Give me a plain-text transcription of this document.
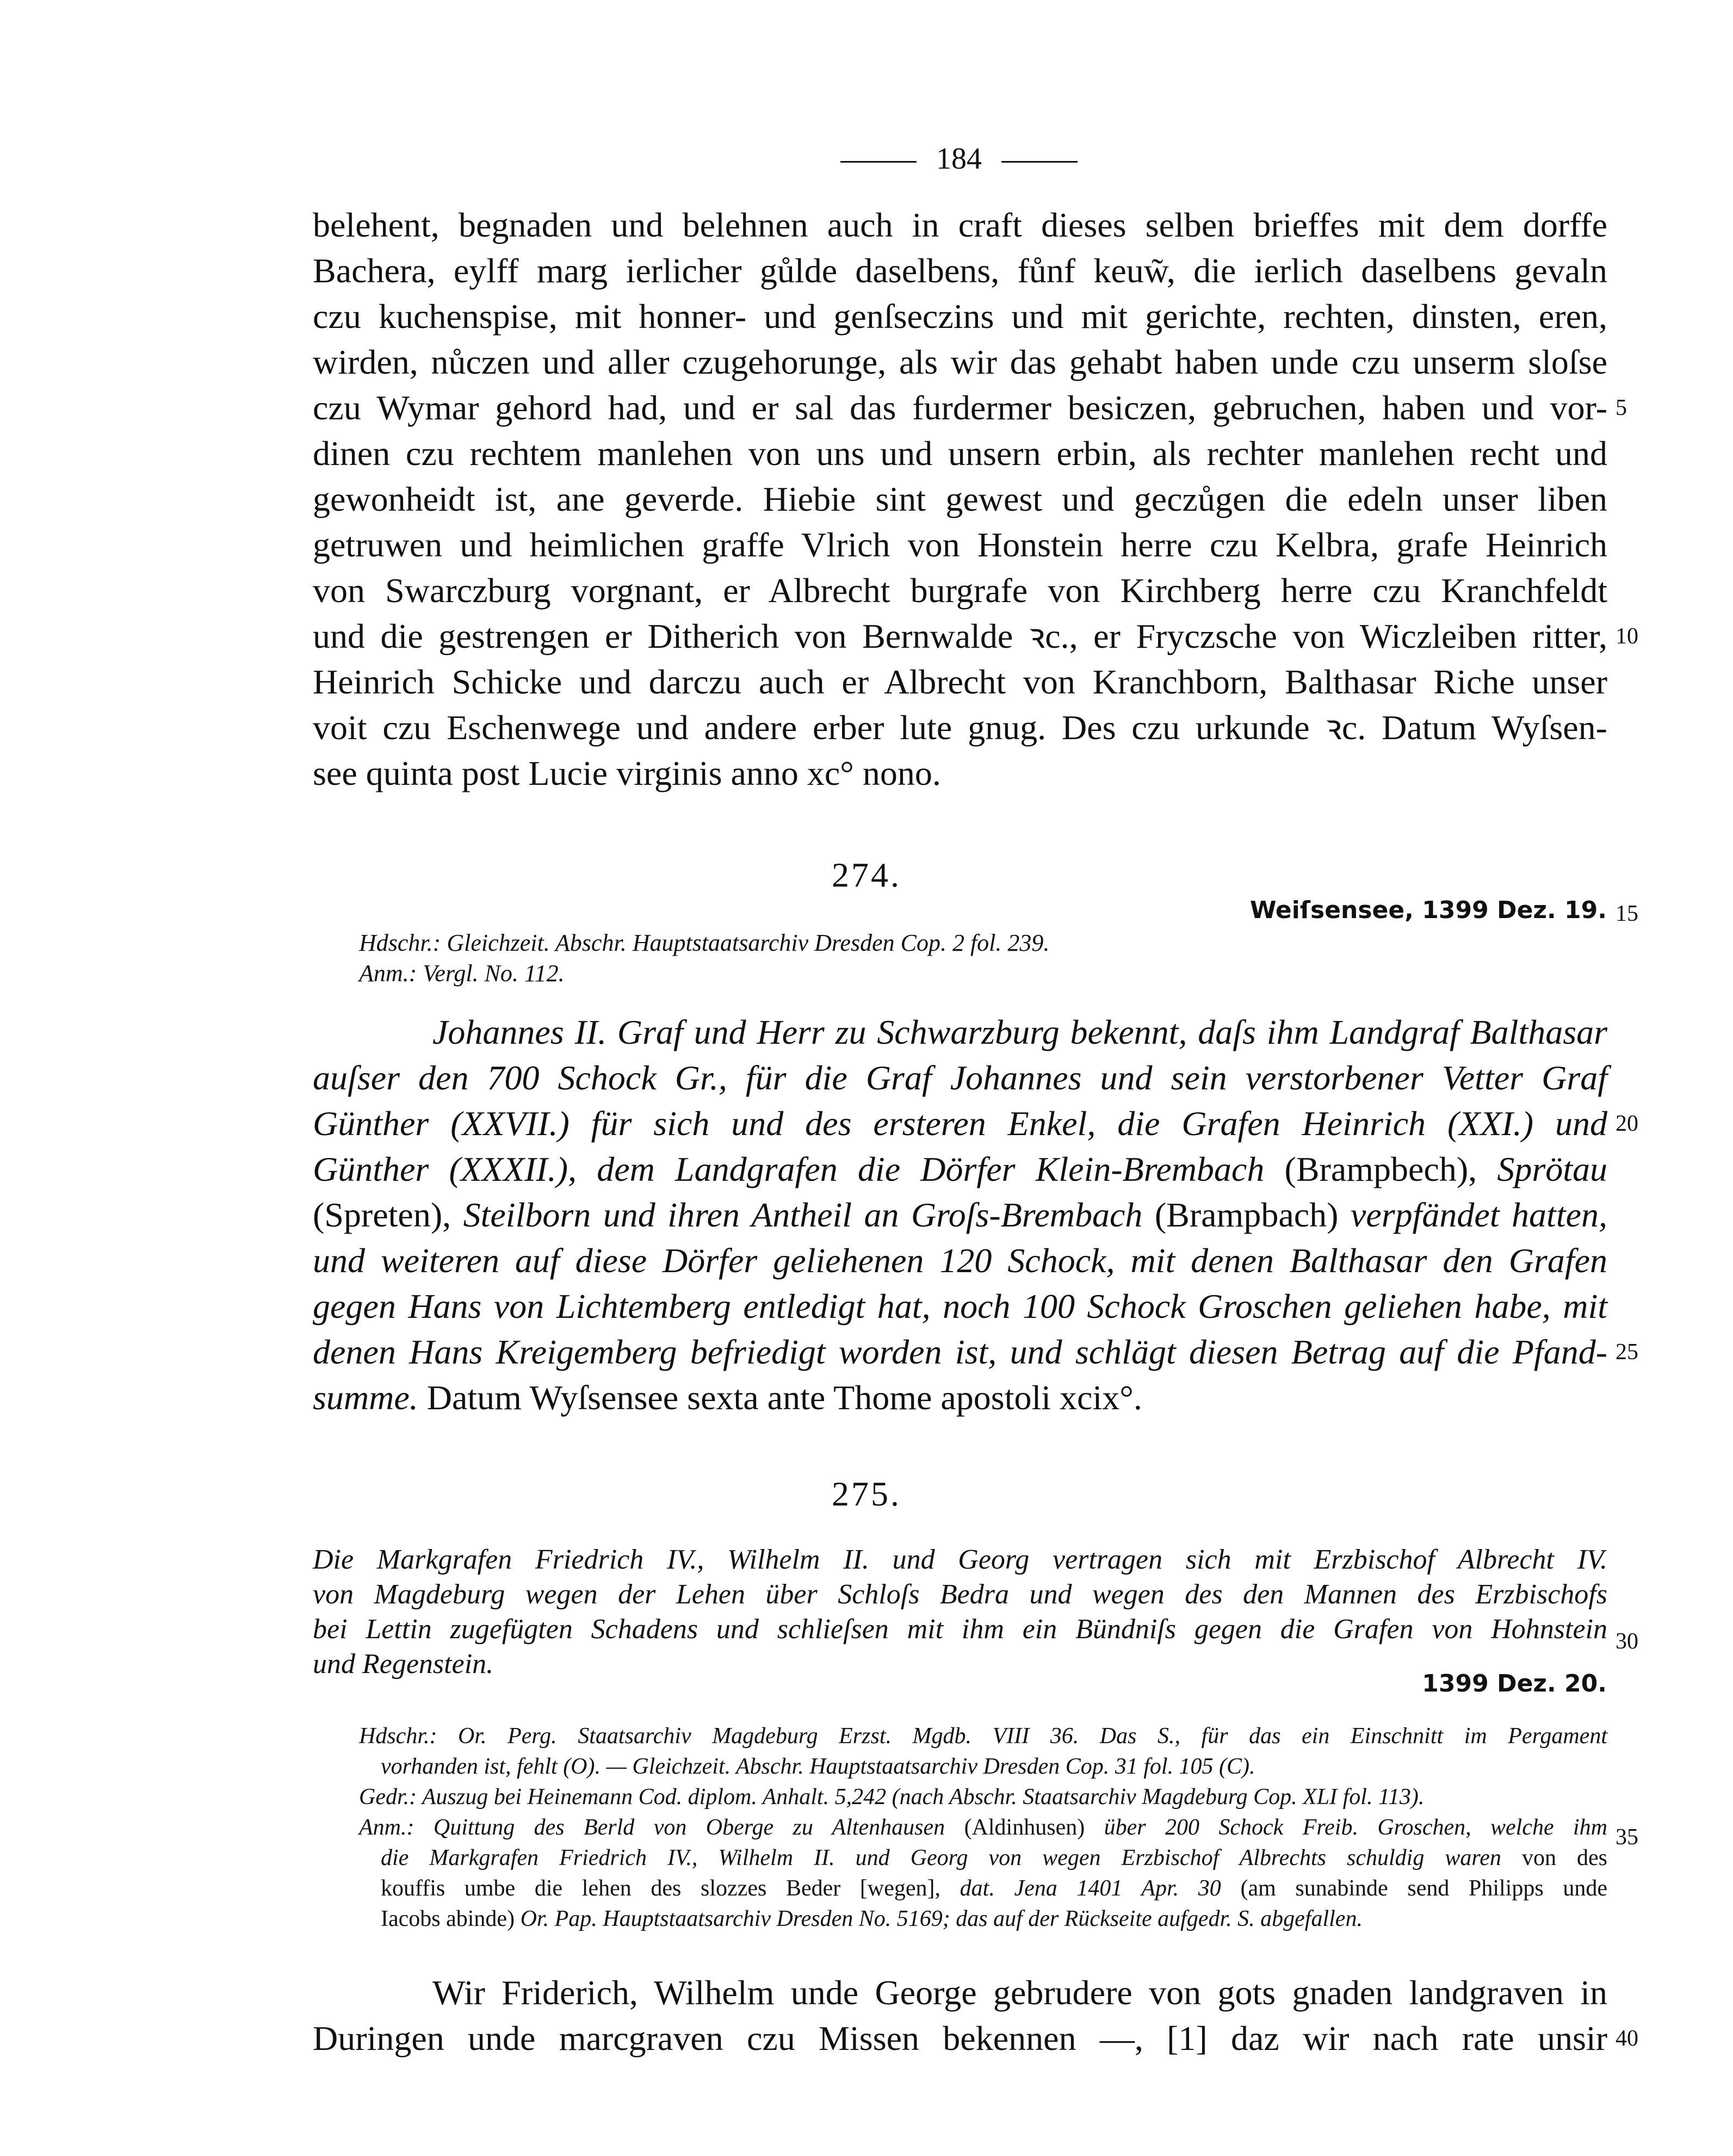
184
belehent, begnaden und belehnen auch in craft dieses selben brieffes mit dem dorffe
Bachera, eylff marg ierlicher gůlde daselbens, fůnf keuw̃, die ierlich daselbens gevaln
czu kuchenspise, mit honner- und genſseczins und mit gerichte, rechten, dinsten, eren,
wirden, nůczen und aller czugehorunge, als wir das gehabt haben unde czu unserm sloſse
czu Wymar gehord had, und er sal das furdermer besiczen, gebruchen, haben und vor-
dinen czu rechtem manlehen von uns und unsern erbin, als rechter manlehen recht und
gewonheidt ist, ane geverde. Hiebie sint gewest und geczůgen die edeln unser liben
getruwen und heimlichen graffe Vlrich von Honstein herre czu Kelbra, grafe Heinrich
von Swarczburg vorgnant, er Albrecht burgrafe von Kirchberg herre czu Kranchfeldt
und die gestrengen er Ditherich von Bernwalde ꝛc., er Fryczsche von Wiczleiben ritter,
Heinrich Schicke und darczu auch er Albrecht von Kranchborn, Balthasar Riche unser
voit czu Eschenwege und andere erber lute gnug. Des czu urkunde ꝛc. Datum Wyſsen-
see quinta post Lucie virginis anno xc° nono.
5
10
274.
Weiſsensee, 1399 Dez. 19. 15
Hdschr.: Gleichzeit. Abschr. Hauptstaatsarchiv Dresden Cop. 2 fol. 239.
Anm.: Vergl. No. 112.
Johannes II. Graf und Herr zu Schwarzburg bekennt, daſs ihm Landgraf Balthasar
auſser den 700 Schock Gr., für die Graf Johannes und sein verstorbener Vetter Graf
Günther (XXVII.) für sich und des ersteren Enkel, die Grafen Heinrich (XXI.) und
Günther (XXXII.), dem Landgrafen die Dörfer Klein-Brembach (Brampbech), Sprötau
(Spreten), Steilborn und ihren Antheil an Groſs-Brembach (Brampbach) verpfändet hatten,
und weiteren auf diese Dörfer geliehenen 120 Schock, mit denen Balthasar den Grafen
gegen Hans von Lichtemberg entledigt hat, noch 100 Schock Groschen geliehen habe, mit
denen Hans Kreigemberg befriedigt worden ist, und schlägt diesen Betrag auf die Pfand-
summe. Datum Wyſsensee sexta ante Thome apostoli xcix°.
20
25
275.
Die Markgrafen Friedrich IV., Wilhelm II. und Georg vertragen sich mit Erzbischof Albrecht IV.
von Magdeburg wegen der Lehen über Schloſs Bedra und wegen des den Mannen des Erzbischofs
bei Lettin zugefügten Schadens und schlieſsen mit ihm ein Bündniſs gegen die Grafen von Hohnstein
und Regenstein.
1399 Dez. 20.
30
Hdschr.: Or. Perg. Staatsarchiv Magdeburg Erzst. Mgdb. VIII 36. Das S., für das ein Einschnitt im Pergament
vorhanden ist, fehlt (O). — Gleichzeit. Abschr. Hauptstaatsarchiv Dresden Cop. 31 fol. 105 (C).
Gedr.: Auszug bei Heinemann Cod. diplom. Anhalt. 5,242 (nach Abschr. Staatsarchiv Magdeburg Cop. XLI fol. 113).
Anm.: Quittung des Berld von Oberge zu Altenhausen (Aldinhusen) über 200 Schock Freib. Groschen, welche ihm
die Markgrafen Friedrich IV., Wilhelm II. und Georg von wegen Erzbischof Albrechts schuldig waren von des
kouffis umbe die lehen des slozzes Beder [wegen], dat. Jena 1401 Apr. 30 (am sunabinde send Philipps unde
Iacobs abinde) Or. Pap. Hauptstaatsarchiv Dresden No. 5169; das auf der Rückseite aufgedr. S. abgefallen.
35
Wir Friderich, Wilhelm unde George gebrudere von gots gnaden landgraven in
Duringen unde marcgraven czu Missen bekennen —, [1] daz wir nach rate unsir 40
